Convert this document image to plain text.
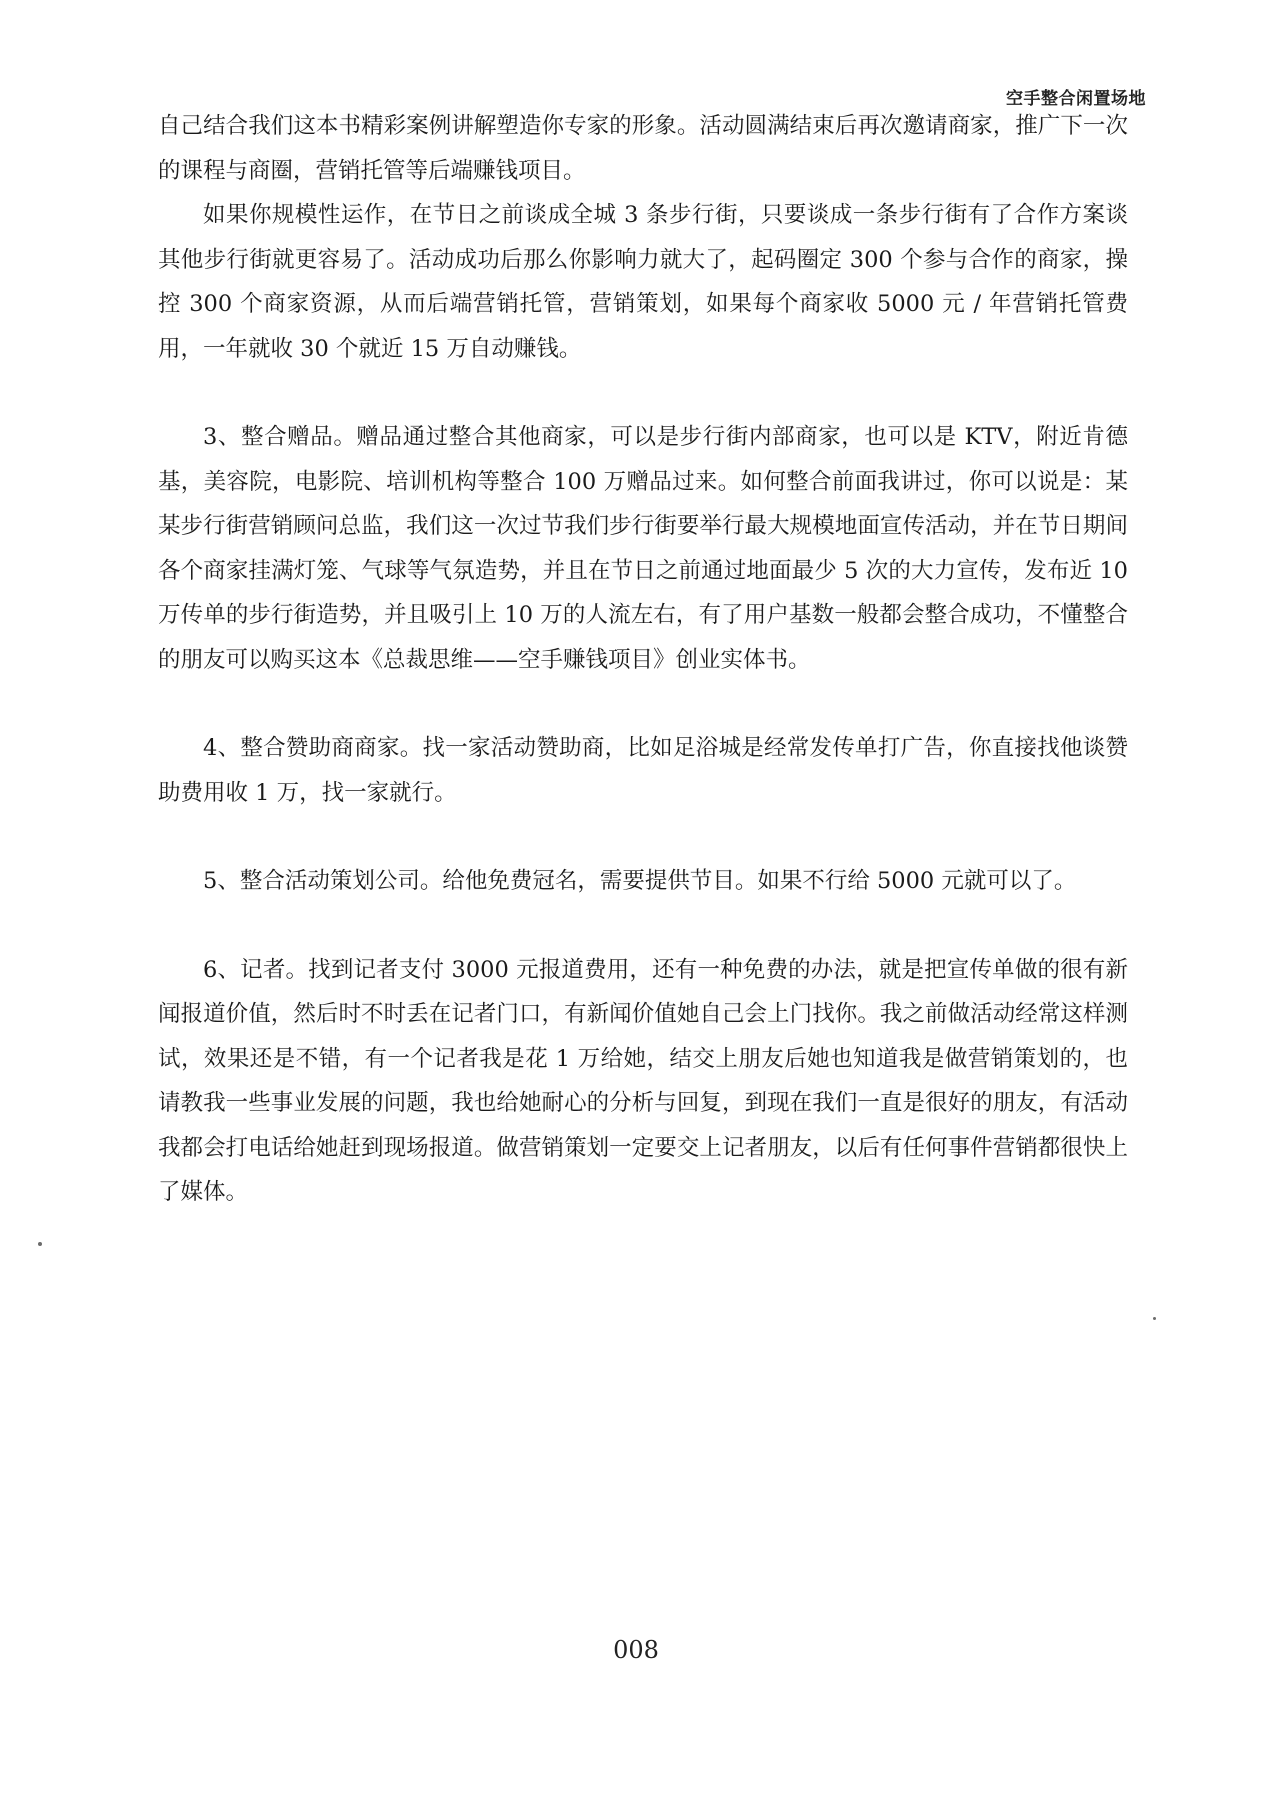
空手整合闲置场地

自己结合我们这本书精彩案例讲解塑造你专家的形象。活动圆满结束后再次邀请商家，推广下一次的课程与商圈，营销托管等后端赚钱项目。

如果你规模性运作，在节日之前谈成全城 3 条步行街，只要谈成一条步行街有了合作方案谈其他步行街就更容易了。活动成功后那么你影响力就大了，起码圈定 300 个参与合作的商家，操控 300 个商家资源，从而后端营销托管，营销策划，如果每个商家收 5000 元 / 年营销托管费用，一年就收 30 个就近 15 万自动赚钱。

3、整合赠品。赠品通过整合其他商家，可以是步行街内部商家，也可以是 KTV，附近肯德基，美容院，电影院、培训机构等整合 100 万赠品过来。如何整合前面我讲过，你可以说是：某某步行街营销顾问总监，我们这一次过节我们步行街要举行最大规模地面宣传活动，并在节日期间各个商家挂满灯笼、气球等气氛造势，并且在节日之前通过地面最少 5 次的大力宣传，发布近 10 万传单的步行街造势，并且吸引上 10 万的人流左右，有了用户基数一般都会整合成功，不懂整合的朋友可以购买这本《总裁思维——空手赚钱项目》创业实体书。

4、整合赞助商商家。找一家活动赞助商，比如足浴城是经常发传单打广告，你直接找他谈赞助费用收 1 万，找一家就行。

5、整合活动策划公司。给他免费冠名，需要提供节目。如果不行给 5000 元就可以了。

6、记者。找到记者支付 3000 元报道费用，还有一种免费的办法，就是把宣传单做的很有新闻报道价值，然后时不时丢在记者门口，有新闻价值她自己会上门找你。我之前做活动经常这样测试，效果还是不错，有一个记者我是花 1 万给她，结交上朋友后她也知道我是做营销策划的，也请教我一些事业发展的问题，我也给她耐心的分析与回复，到现在我们一直是很好的朋友，有活动我都会打电话给她赶到现场报道。做营销策划一定要交上记者朋友，以后有任何事件营销都很快上了媒体。

008
